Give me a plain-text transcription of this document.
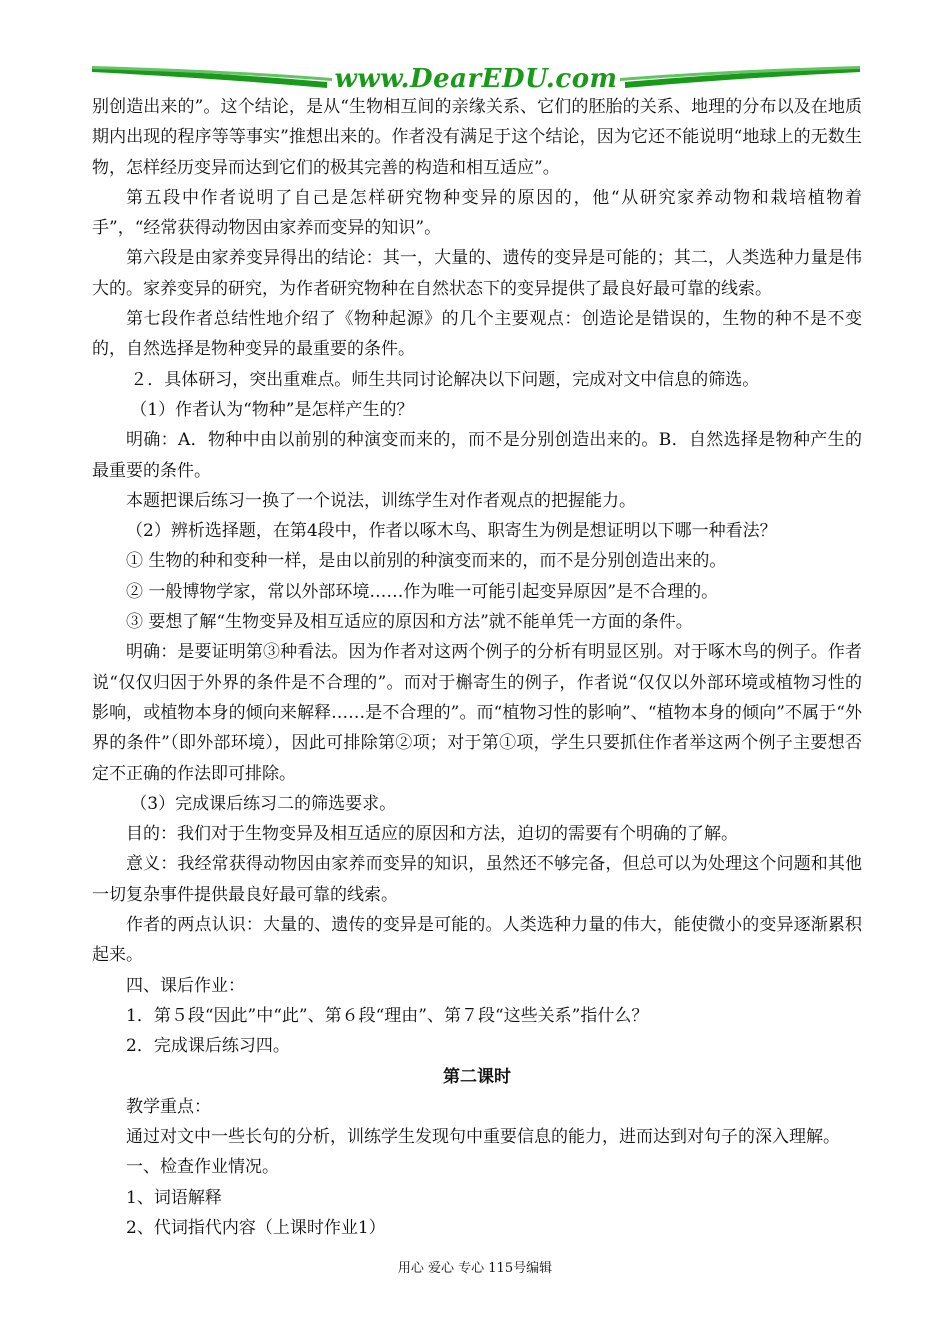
www.DearEDU.com

别创造出来的”。这个结论，是从“生物相互间的亲缘关系、它们的胚胎的关系、地理的分布以及在地质期内出现的程序等等事实”推想出来的。作者没有满足于这个结论，因为它还不能说明“地球上的无数生物，怎样经历变异而达到它们的极其完善的构造和相互适应”。

第五段中作者说明了自己是怎样研究物种变异的原因的，他“从研究家养动物和栽培植物着手”，“经常获得动物因由家养而变异的知识”。

第六段是由家养变异得出的结论：其一，大量的、遗传的变异是可能的；其二，人类选种力量是伟大的。家养变异的研究，为作者研究物种在自然状态下的变异提供了最良好最可靠的线索。

第七段作者总结性地介绍了《物种起源》的几个主要观点：创造论是错误的，生物的种不是不变的，自然选择是物种变异的最重要的条件。

２．具体研习，突出重难点。师生共同讨论解决以下问题，完成对文中信息的筛选。

（1）作者认为“物种”是怎样产生的？

明确：A．物种中由以前别的种演变而来的，而不是分别创造出来的。B．自然选择是物种产生的最重要的条件。

本题把课后练习一换了一个说法，训练学生对作者观点的把握能力。

（2）辨析选择题，在第4段中，作者以啄木鸟、职寄生为例是想证明以下哪一种看法？

① 生物的种和变种一样，是由以前别的种演变而来的，而不是分别创造出来的。

② 一般博物学家，常以外部环境……作为唯一可能引起变异原因”是不合理的。

③ 要想了解“生物变异及相互适应的原因和方法”就不能单凭一方面的条件。

明确：是要证明第③种看法。因为作者对这两个例子的分析有明显区别。对于啄木鸟的例子。作者说“仅仅归因于外界的条件是不合理的”。而对于槲寄生的例子，作者说“仅仅以外部环境或植物习性的影响，或植物本身的倾向来解释……是不合理的”。而“植物习性的影响”、“植物本身的倾向”不属于“外界的条件”（即外部环境），因此可排除第②项；对于第①项，学生只要抓住作者举这两个例子主要想否定不正确的作法即可排除。

（3）完成课后练习二的筛选要求。

目的：我们对于生物变异及相互适应的原因和方法，迫切的需要有个明确的了解。

意义：我经常获得动物因由家养而变异的知识，虽然还不够完备，但总可以为处理这个问题和其他一切复杂事件提供最良好最可靠的线索。

作者的两点认识：大量的、遗传的变异是可能的。人类选种力量的伟大，能使微小的变异逐渐累积起来。

四、课后作业：

1．第５段“因此”中“此”、第６段“理由”、第７段“这些关系”指什么？

2．完成课后练习四。

第二课时

教学重点：

通过对文中一些长句的分析，训练学生发现句中重要信息的能力，进而达到对句子的深入理解。

一、检查作业情况。

1、词语解释

2、代词指代内容（上课时作业1）

用心 爱心 专心 115号编辑
